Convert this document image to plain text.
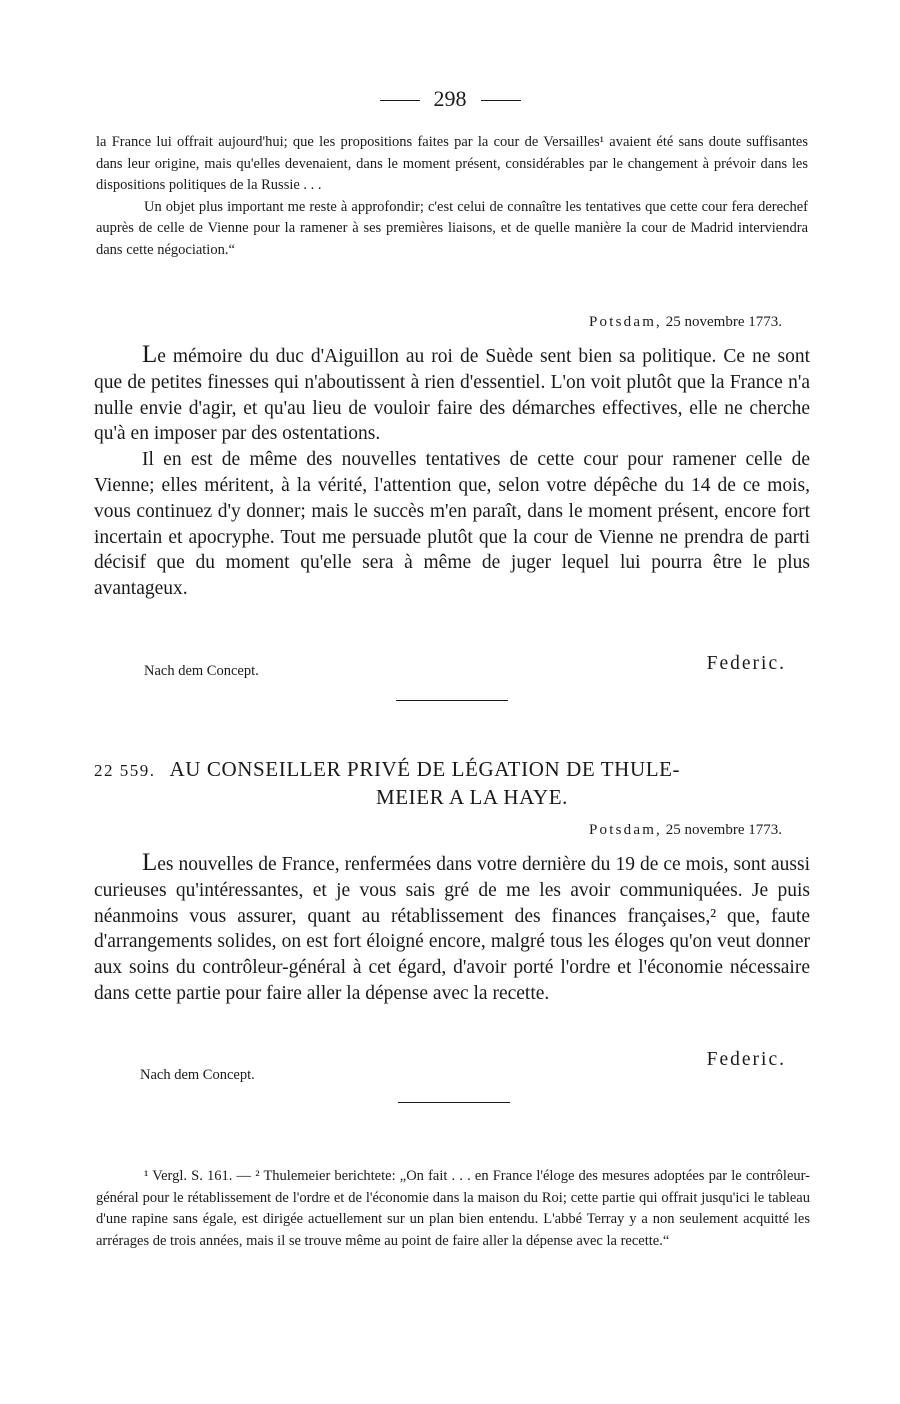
298

la France lui offrait aujourd'hui; que les propositions faites par la cour de Versailles¹ avaient été sans doute suffisantes dans leur origine, mais qu'elles devenaient, dans le moment présent, considérables par le changement à prévoir dans les dispositions politiques de la Russie . . .

Un objet plus important me reste à approfondir; c'est celui de connaître les tentatives que cette cour fera derechef auprès de celle de Vienne pour la ramener à ses premières liaisons, et de quelle manière la cour de Madrid interviendra dans cette négociation.“

Potsdam, 25 novembre 1773.

Le mémoire du duc d'Aiguillon au roi de Suède sent bien sa politique. Ce ne sont que de petites finesses qui n'aboutissent à rien d'essentiel. L'on voit plutôt que la France n'a nulle envie d'agir, et qu'au lieu de vouloir faire des démarches effectives, elle ne cherche qu'à en imposer par des ostentations.

Il en est de même des nouvelles tentatives de cette cour pour ramener celle de Vienne; elles méritent, à la vérité, l'attention que, selon votre dépêche du 14 de ce mois, vous continuez d'y donner; mais le succès m'en paraît, dans le moment présent, encore fort incertain et apocryphe. Tout me persuade plutôt que la cour de Vienne ne prendra de parti décisif que du moment qu'elle sera à même de juger lequel lui pourra être le plus avantageux.

Nach dem Concept.	Federic.
22 559. AU CONSEILLER PRIVÉ DE LÉGATION DE THULE-
MEIER A LA HAYE.
Potsdam, 25 novembre 1773.

Les nouvelles de France, renfermées dans votre dernière du 19 de ce mois, sont aussi curieuses qu'intéressantes, et je vous sais gré de me les avoir communiquées. Je puis néanmoins vous assurer, quant au rétablissement des finances françaises,² que, faute d'arrangements solides, on est fort éloigné encore, malgré tous les éloges qu'on veut donner aux soins du contrôleur-général à cet égard, d'avoir porté l'ordre et l'économie nécessaire dans cette partie pour faire aller la dépense avec la recette.

Federic.
Nach dem Concept.

¹ Vergl. S. 161. — ² Thulemeier berichtete: „On fait . . . en France l'éloge des mesures adoptées par le contrôleur-général pour le rétablissement de l'ordre et de l'économie dans la maison du Roi; cette partie qui offrait jusqu'ici le tableau d'une rapine sans égale, est dirigée actuellement sur un plan bien entendu. L'abbé Terray y a non seulement acquitté les arrérages de trois années, mais il se trouve même au point de faire aller la dépense avec la recette.“
